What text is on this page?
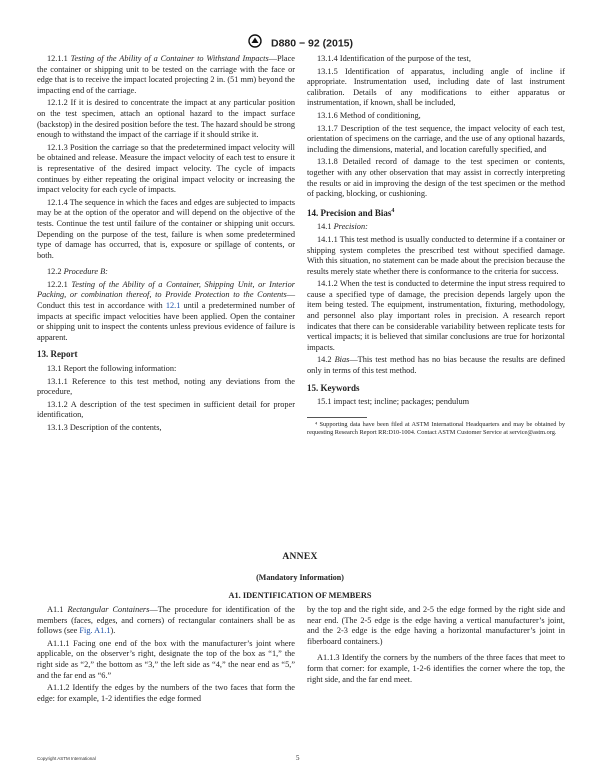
D880 − 92 (2015)

12.1.1 Testing of the Ability of a Container to Withstand Impacts—Place the container or shipping unit to be tested on the carriage with the face or edge that is to receive the impact located projecting 2 in. (51 mm) beyond the impacting end of the carriage.

12.1.2 If it is desired to concentrate the impact at any particular position on the test specimen, attach an optional hazard to the impact surface (backstop) in the desired position before the test. The hazard should be strong enough to withstand the impact of the carriage if it should strike it.

12.1.3 Position the carriage so that the predetermined impact velocity will be obtained and release. Measure the impact velocity of each test to ensure it is representative of the desired impact velocity. The cycle of impacts continues by either repeating the original impact velocity or increasing the impact velocity for each cycle of impacts.

12.1.4 The sequence in which the faces and edges are subjected to impacts may be at the option of the operator and will depend on the objective of the tests. Continue the test until failure of the container or shipping unit occurs. Depending on the purpose of the test, failure is when some predetermined type of damage has occurred, that is, exposure or spillage of contents, or both.

12.2 Procedure B:

12.2.1 Testing of the Ability of a Container, Shipping Unit, or Interior Packing, or combination thereof, to Provide Protection to the Contents—Conduct this test in accordance with 12.1 until a predetermined number of impacts at specific impact velocities have been applied. Open the container or shipping unit to inspect the contents unless previous evidence of failure is apparent.

13. Report

13.1 Report the following information:

13.1.1 Reference to this test method, noting any deviations from the procedure,

13.1.2 A description of the test specimen in sufficient detail for proper identification,

13.1.3 Description of the contents,

13.1.4 Identification of the purpose of the test,

13.1.5 Identification of apparatus, including angle of incline if appropriate. Instrumentation used, including date of last instrument calibration. Details of any modifications to either apparatus or instrumentation, if known, shall be included,

13.1.6 Method of conditioning,

13.1.7 Description of the test sequence, the impact velocity of each test, orientation of specimens on the carriage, and the use of any optional hazards, including the dimensions, material, and location carefully specified, and

13.1.8 Detailed record of damage to the test specimen or contents, together with any other observation that may assist in correctly interpreting the results or aid in improving the design of the test specimen or the method of packing, blocking, or cushioning.

14. Precision and Bias$^4$

14.1 Precision:

14.1.1 This test method is usually conducted to determine if a container or shipping system completes the prescribed test without specified damage. With this situation, no statement can be made about the precision because the results merely state whether there is conformance to the criteria for success.

14.1.2 When the test is conducted to determine the input stress required to cause a specified type of damage, the precision depends largely upon the item being tested. The equipment, instrumentation, fixturing, methodology, and personnel also play important roles in precision. A research report indicates that there can be considerable variability between replicate tests for vertical impacts; it is believed that similar conclusions are true for horizontal impacts.

14.2 Bias—This test method has no bias because the results are defined only in terms of this test method.

15. Keywords

15.1 impact test; incline; packages; pendulum

⁴ Supporting data have been filed at ASTM International Headquarters and may be obtained by requesting Research Report RR:D10-1004. Contact ASTM Customer Service at service@astm.org.

ANNEX
(Mandatory Information)
A1. IDENTIFICATION OF MEMBERS

A1.1 Rectangular Containers—The procedure for identification of the members (faces, edges, and corners) of rectangular containers shall be as follows (see Fig. A1.1).

A1.1.1 Facing one end of the box with the manufacturer’s joint where applicable, on the observer’s right, designate the top of the box as “1,” the right side as “2,” the bottom as “3,” the left side as “4,” the near end as “5,” and the far end as “6.”

A1.1.2 Identify the edges by the numbers of the two faces that form the edge: for example, 1-2 identifies the edge formed

by the top and the right side, and 2-5 the edge formed by the right side and near end. (The 2-5 edge is the edge having a vertical manufacturer’s joint, and the 2-3 edge is the edge having a horizontal manufacturer’s joint in fiberboard containers.)

A1.1.3 Identify the corners by the numbers of the three faces that meet to form that corner: for example, 1-2-6 identifies the corner where the top, the right side, and the far end meet.

Copyright ASTM International	5
